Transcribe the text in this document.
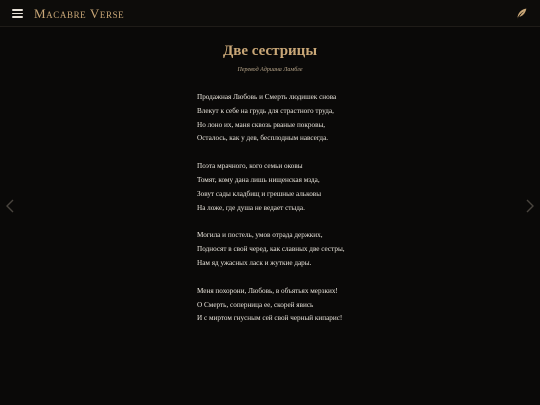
Macabre Verse
Две сестрицы
Перевод Адриана Ламбле
Продажная Любовь и Смерть людишек снова
Влекут к себе на грудь для страстного труда,
Но лоно их, маня сквозь рваные покровы,
Осталось, как у дев, бесплодным навсегда.
Поэта мрачного, кого семьи оковы
Томят, кому дана лишь нищенская мзда,
Зовут сады кладбищ и грешные альковы
На ложе, где душа не ведает стыда.
Могила и постель, умов отрада держких,
Подносят в свой черед, как славных две сестры,
Нам яд ужасных ласк и жуткие дары.
Меня похорони, Любовь, в объятьях мерзких!
О Смерть, соперница ее, скорей явись
И с миртом гнусным сей свой черный кипарис!
